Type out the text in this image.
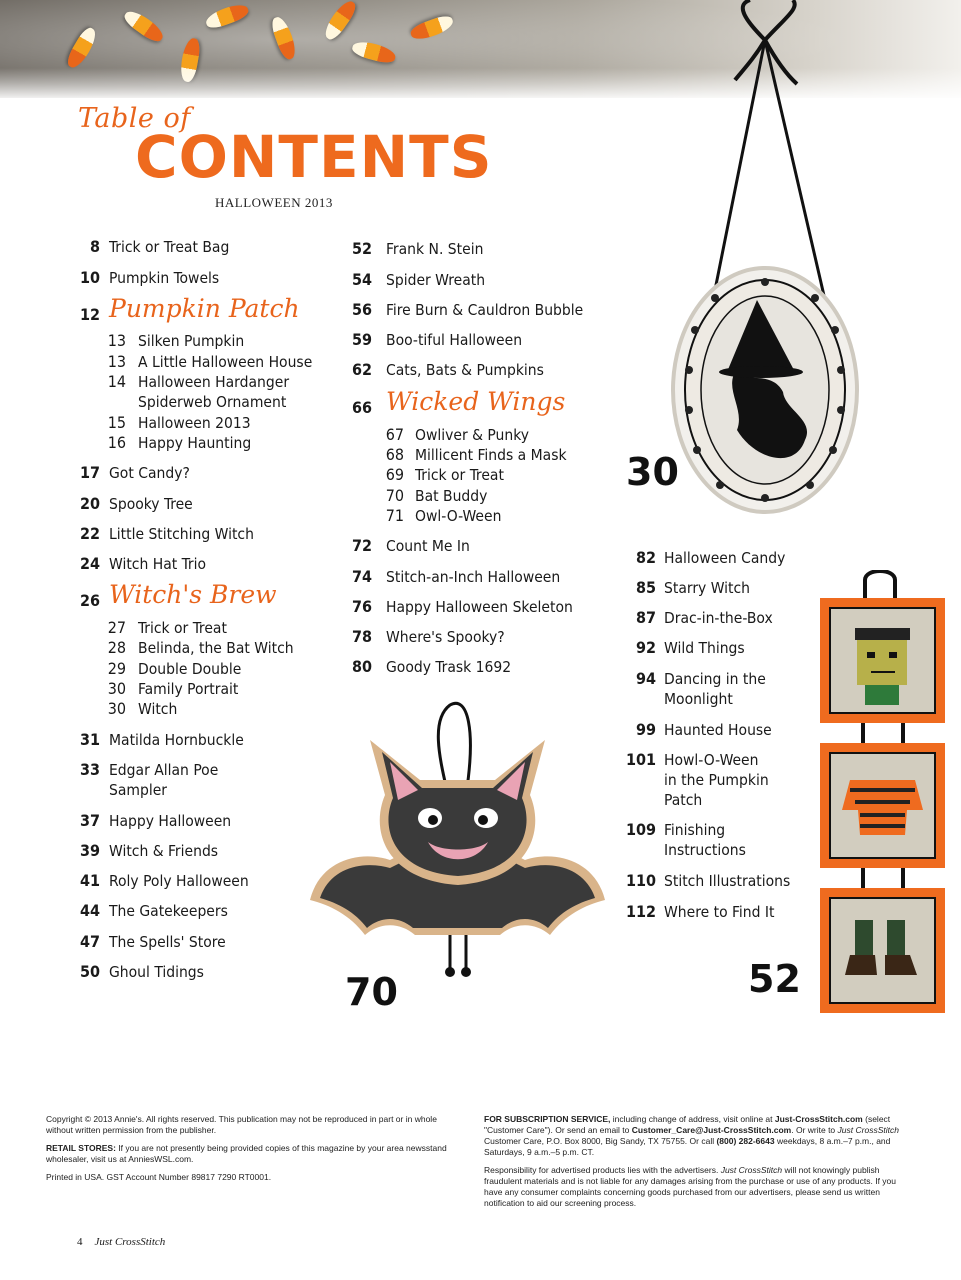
Table of
CONTENTS
HALLOWEEN 2013
8 Trick or Treat Bag
10 Pumpkin Towels
12 Pumpkin Patch
13 Silken Pumpkin
13 A Little Halloween House
14 Halloween Hardanger
Spiderweb Ornament
15 Halloween 2013
16 Happy Haunting
17 Got Candy?
20 Spooky Tree
22 Little Stitching Witch
24 Witch Hat Trio
26 Witch's Brew
27 Trick or Treat
28 Belinda, the Bat Witch
29 Double Double
30 Family Portrait
30 Witch
31 Matilda Hornbuckle
33 Edgar Allan Poe
Sampler
37 Happy Halloween
39 Witch & Friends
41 Roly Poly Halloween
44 The Gatekeepers
47 The Spells' Store
50 Ghoul Tidings
52 Frank N. Stein
54 Spider Wreath
56 Fire Burn & Cauldron Bubble
59 Boo-tiful Halloween
62 Cats, Bats & Pumpkins
66 Wicked Wings
67 Owliver & Punky
68 Millicent Finds a Mask
69 Trick or Treat
70 Bat Buddy
71 Owl-O-Ween
72 Count Me In
74 Stitch-an-Inch Halloween
76 Happy Halloween Skeleton
78 Where's Spooky?
80 Goody Trask 1692
82 Halloween Candy
85 Starry Witch
87 Drac-in-the-Box
92 Wild Things
94 Dancing in the
Moonlight
99 Haunted House
101 Howl-O-Ween
in the Pumpkin
Patch
109 Finishing
Instructions
110 Stitch Illustrations
112 Where to Find It
30
70	52

Copyright © 2013 Annie's. All rights reserved. This publication may not be reproduced in part or in whole without written permission from the publisher.

RETAIL STORES: If you are not presently being provided copies of this magazine by your area newsstand wholesaler, visit us at AnniesWSL.com.

Printed in USA. GST Account Number 89817 7290 RT0001.

FOR SUBSCRIPTION SERVICE, including change of address, visit online at Just-CrossStitch.com (select "Customer Care"). Or send an email to Customer_Care@Just-CrossStitch.com. Or write to Just CrossStitch Customer Care, P.O. Box 8000, Big Sandy, TX 75755. Or call (800) 282-6643 weekdays, 8 a.m.–7 p.m., and Saturdays, 9 a.m.–5 p.m. CT.

Responsibility for advertised products lies with the advertisers. Just CrossStitch will not knowingly publish fraudulent materials and is not liable for any damages arising from the purchase or use of any products. If you have any consumer complaints concerning goods purchased from our advertisers, please send us written notification to aid our screening process.

4 Just CrossStitch
